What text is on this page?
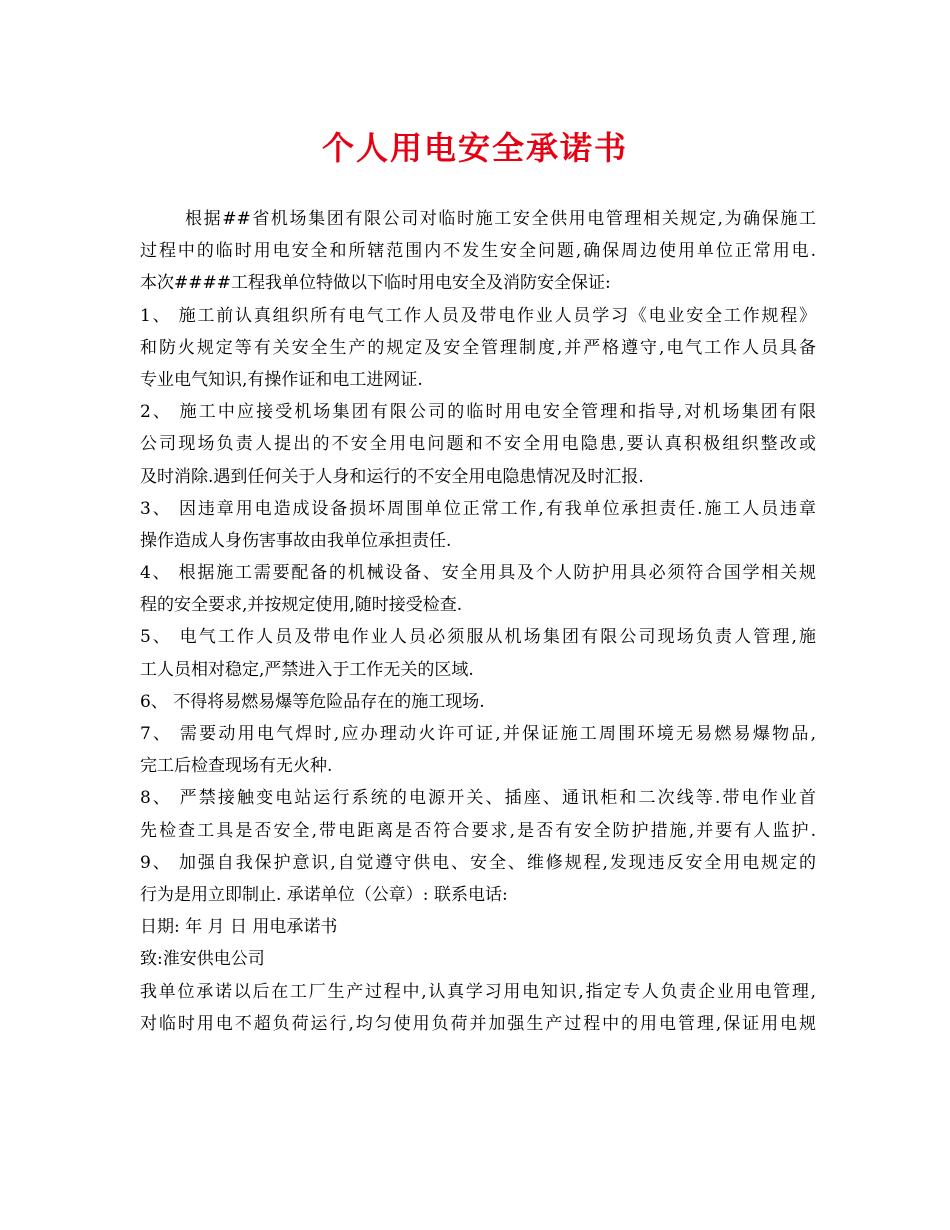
个人用电安全承诺书
根据##省机场集团有限公司对临时施工安全供用电管理相关规定,为确保施工
过程中的临时用电安全和所辖范围内不发生安全问题,确保周边使用单位正常用电.
本次####工程我单位特做以下临时用电安全及消防安全保证:
1、 施工前认真组织所有电气工作人员及带电作业人员学习《电业安全工作规程》
和防火规定等有关安全生产的规定及安全管理制度,并严格遵守,电气工作人员具备
专业电气知识,有操作证和电工进网证.
2、 施工中应接受机场集团有限公司的临时用电安全管理和指导,对机场集团有限
公司现场负责人提出的不安全用电问题和不安全用电隐患,要认真积极组织整改或
及时消除.遇到任何关于人身和运行的不安全用电隐患情况及时汇报.
3、 因违章用电造成设备损坏周围单位正常工作,有我单位承担责任.施工人员违章
操作造成人身伤害事故由我单位承担责任.
4、 根据施工需要配备的机械设备、安全用具及个人防护用具必须符合国学相关规
程的安全要求,并按规定使用,随时接受检查.
5、 电气工作人员及带电作业人员必须服从机场集团有限公司现场负责人管理,施
工人员相对稳定,严禁进入于工作无关的区域.
6、 不得将易燃易爆等危险品存在的施工现场.
7、 需要动用电气焊时,应办理动火许可证,并保证施工周围环境无易燃易爆物品,
完工后检查现场有无火种.
8、 严禁接触变电站运行系统的电源开关、插座、通讯柜和二次线等.带电作业首
先检查工具是否安全,带电距离是否符合要求,是否有安全防护措施,并要有人监护.
9、 加强自我保护意识,自觉遵守供电、安全、维修规程,发现违反安全用电规定的
行为是用立即制止. 承诺单位（公章）: 联系电话:
日期: 年 月 日 用电承诺书
致:淮安供电公司
我单位承诺以后在工厂生产过程中,认真学习用电知识,指定专人负责企业用电管理,
对临时用电不超负荷运行,均匀使用负荷并加强生产过程中的用电管理,保证用电规
